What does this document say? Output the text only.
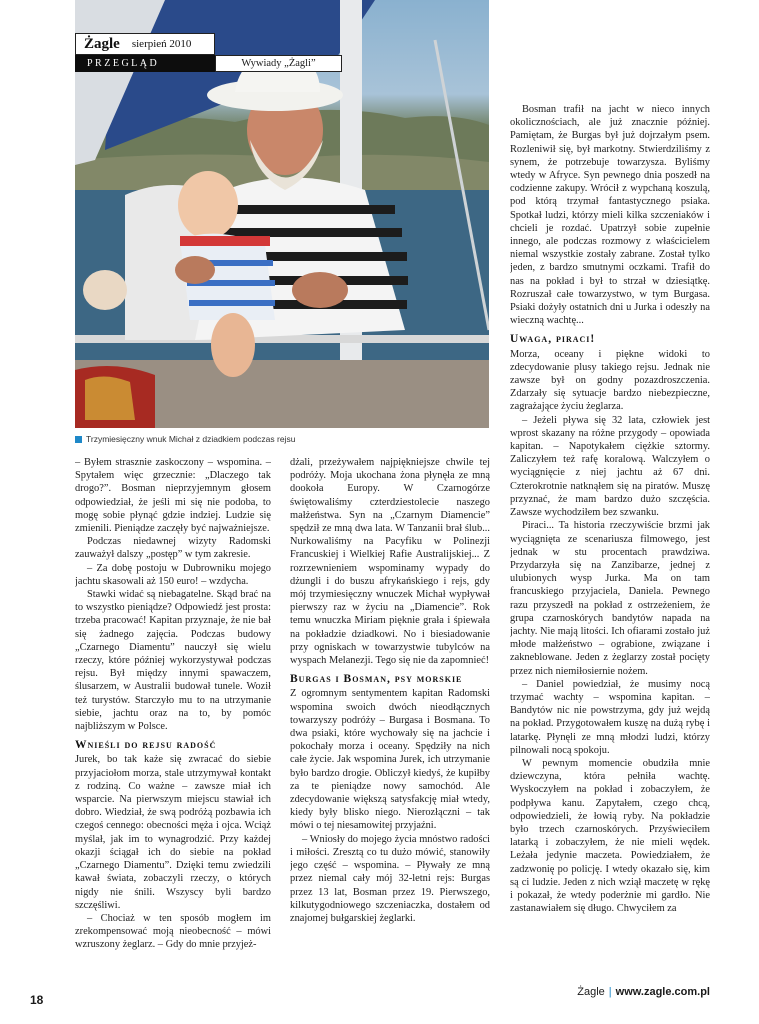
Żagle sierpień 2010
PRZEGLĄD	Wywiady „Żagli”
Trzymiesięczny wnuk Michał z dziadkiem podczas rejsu

– Byłem strasznie zaskoczony – wspomina. – Spytałem więc grzecznie: „Dlaczego tak drogo?”. Bosman nieprzyjemnym głosem odpowiedział, że jeśli mi się nie podoba, to mogę sobie płynąć gdzie indziej. Ludzie się zmienili. Pieniądze zaczęły być najważniejsze.

Podczas niedawnej wizyty Radomski zauważył dalszy „postęp” w tym zakresie.

– Za dobę postoju w Dubrowniku mojego jachtu skasowali aż 150 euro! – wzdycha.

Stawki widać są niebagatelne. Skąd brać na to wszystko pieniądze? Odpowiedź jest prosta: trzeba pracować! Kapitan przyznaje, że nie bał się żadnego zajęcia. Podczas budowy „Czarnego Diamentu” nauczył się wielu rzeczy, które później wykorzystywał podczas rejsu. Był między innymi spawaczem, ślusarzem, w Australii budował tunele. Woził też turystów. Starczyło mu to na utrzymanie siebie, jachtu oraz na to, by pomóc najbliższym w Polsce.

Wnieśli do rejsu radość

Jurek, bo tak każe się zwracać do siebie przyjaciołom morza, stale utrzymywał kontakt z rodziną. Co ważne – zawsze miał ich wsparcie. Na pierwszym miejscu stawiał ich dobro. Wiedział, że swą podróżą pozbawia ich czegoś cennego: obecności męża i ojca. Wciąż myślał, jak im to wynagrodzić. Przy każdej okazji ściągał ich do siebie na pokład „Czarnego Diamentu”. Dzięki temu zwiedzili kawał świata, zobaczyli rzeczy, o których nigdy nie śnili. Wszyscy byli bardzo szczęśliwi.

– Chociaż w ten sposób mogłem im zrekompensować moją nieobecność – mówi wzruszony żeglarz. – Gdy do mnie przyjeż-

dżali, przeżywałem najpiękniejsze chwile tej podróży. Moja ukochana żona płynęła ze mną dookoła Europy. W Czarnogórze świętowaliśmy czterdziestolecie naszego małżeństwa. Syn na „Czarnym Diamencie” spędził ze mną dwa lata. W Tanzanii brał ślub... Nurkowaliśmy na Pacyfiku w Polinezji Francuskiej i Wielkiej Rafie Australijskiej... Z rozrzewnieniem wspominamy wypady do dżungli i do buszu afrykańskiego i rejs, gdy mój trzymiesięczny wnuczek Michał wypływał pierwszy raz w życiu na „Diamencie”. Rok temu wnuczka Miriam pięknie grała i śpiewała na pokładzie dziadkowi. No i biesiadowanie przy ogniskach w towarzystwie tubylców na wyspach Melanezji. Tego się nie da zapomnieć!

Burgas i Bosman, psy morskie

Z ogromnym sentymentem kapitan Radomski wspomina swoich dwóch nieodłącznych towarzyszy podróży – Burgasa i Bosmana. To dwa psiaki, które wychowały się na jachcie i pokochały morza i oceany. Spędziły na nich całe życie. Jak wspomina Jurek, ich utrzymanie było bardzo drogie. Obliczył kiedyś, że kupiłby za te pieniądze nowy samochód. Ale zdecydowanie większą satysfakcję miał wtedy, kiedy były blisko niego. Nierozłączni – tak mówi o tej niesamowitej przyjaźni.

– Wniosły do mojego życia mnóstwo radości i miłości. Zresztą co tu dużo mówić, stanowiły jego część – wspomina. – Pływały ze mną przez niemal cały mój 32-letni rejs: Burgas przez 13 lat, Bosman przez 19. Pierwszego, kilkutygodniowego szczeniaczka, dostałem od znajomej bułgarskiej żeglarki.

Bosman trafił na jacht w nieco innych okolicznościach, ale już znacznie później. Pamiętam, że Burgas był już dojrzałym psem. Rozleniwił się, był markotny. Stwierdziliśmy z synem, że potrzebuje towarzysza. Byliśmy wtedy w Afryce. Syn pewnego dnia poszedł na codzienne zakupy. Wrócił z wypchaną koszulą, pod którą trzymał fantastycznego psiaka. Spotkał ludzi, którzy mieli kilka szczeniaków i chcieli je rozdać. Upatrzył sobie zupełnie innego, ale podczas rozmowy z właścicielem niemal wszystkie zostały zabrane. Został tylko jeden, z bardzo smutnymi oczkami. Trafił do nas na pokład i był to strzał w dziesiątkę. Rozruszał całe towarzystwo, w tym Burgasa. Psiaki dożyły ostatnich dni u Jurka i odeszły na wieczną wachtę...

Uwaga, piraci!

Morza, oceany i piękne widoki to zdecydowanie plusy takiego rejsu. Jednak nie zawsze był on godny pozazdroszczenia. Zdarzały się sytuacje bardzo niebezpieczne, zagrażające życiu żeglarza.

– Jeżeli pływa się 32 lata, człowiek jest wprost skazany na różne przygody – opowiada kapitan. – Napotykałem ciężkie sztormy. Zaliczyłem też rafę koralową. Walczyłem o wyciągnięcie z niej jachtu aż 67 dni. Czterokrotnie natknąłem się na piratów. Muszę przyznać, że mam bardzo dużo szczęścia. Zawsze wychodziłem bez szwanku.

Piraci... Ta historia rzeczywiście brzmi jak wyciągnięta ze scenariusza filmowego, jest jednak w stu procentach prawdziwa. Przydarzyła się na Zanzibarze, jednej z ulubionych wysp Jurka. Ma on tam francuskiego przyjaciela, Daniela. Pewnego razu przyszedł na pokład z ostrzeżeniem, że grupa czarnoskórych bandytów napada na jachty. Nie mają litości. Ich ofiarami zostało już młode małżeństwo – ograbione, związane i zakneblowane. Jeden z żeglarzy został pocięty przez nich niemiłosiernie nożem.

– Daniel powiedział, że musimy nocą trzymać wachty – wspomina kapitan. – Bandytów nic nie powstrzyma, gdy już wejdą na pokład. Przygotowałem kuszę na dużą rybę i latarkę. Płynęli ze mną młodzi ludzi, którzy pilnowali nocą spokoju.

W pewnym momencie obudziła mnie dziewczyna, która pełniła wachtę. Wyskoczyłem na pokład i zobaczyłem, że podpływa kanu. Zapytałem, czego chcą, odpowiedzieli, że łowią ryby. Na pokładzie było trzech czarnoskórych. Przyświeciłem latarką i zobaczyłem, że nie mieli wędek. Leżała jedynie maczeta. Powiedziałem, że zadzwonię po policję. I wtedy okazało się, kim są ci ludzie. Jeden z nich wziął maczetę w rękę i pokazał, że wtedy poderżnie mi gardło. Nie zastanawiałem się długo. Chwyciłem za

18
Żagle | www.zagle.com.pl
